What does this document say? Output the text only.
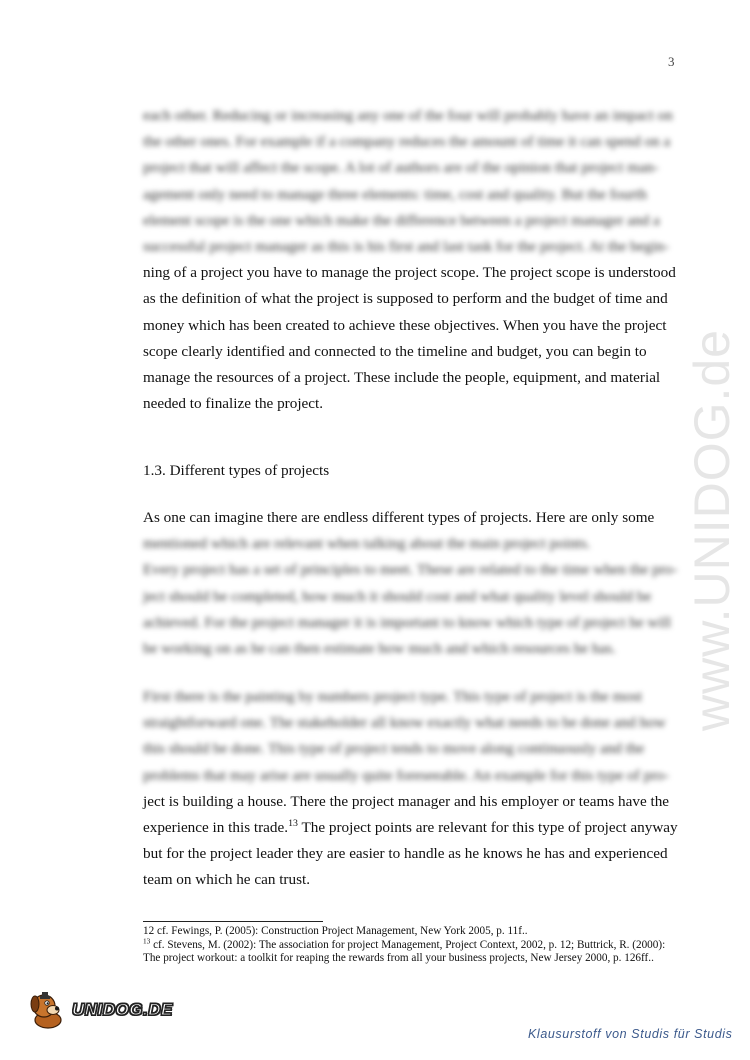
3
www.UNIDOG.de
each other. Reducing or increasing any one of the four will probably have an impact on
the other ones. For example if a company reduces the amount of time it can spend on a
project that will affect the scope. A lot of authors are of the opinion that project man-
agement only need to manage three elements: time, cost and quality. But the fourth
element scope is the one which make the difference between a project manager and a
successful project manager as this is his first and last task for the project. At the begin-
ning of a project you have to manage the project scope. The project scope is understood
as the definition of what the project is supposed to perform and the budget of time and
money which has been created to achieve these objectives. When you have the project
scope clearly identified and connected to the timeline and budget, you can begin to
manage the resources of a project. These include the people, equipment, and material
needed to finalize the project.
1.3. Different types of projects
As one can imagine there are endless different types of projects. Here are only some
mentioned which are relevant when talking about the main project points.
Every project has a set of principles to meet. These are related to the time when the pro-
ject should be completed, how much it should cost and what quality level should be
achieved. For the project manager it is important to know which type of project he will
be working on as he can then estimate how much and which resources he has.
First there is the painting by numbers project type. This type of project is the most
straightforward one. The stakeholder all know exactly what needs to be done and how
this should be done. This type of project tends to move along continuously and the
problems that may arise are usually quite foreseeable. An example for this type of pro-
ject is building a house. There the project manager and his employer or teams have the
experience in this trade.$^{13}$ The project points are relevant for this type of project anyway
but for the project leader they are easier to handle as he knows he has and experienced
team on which he can trust.

12 cf. Fewings, P. (2005): Construction Project Management, New York 2005, p. 11f..

$^{13}$ cf. Stevens, M. (2002): The association for project Management, Project Context, 2002, p. 12; Buttrick, R. (2000): The project workout: a toolkit for reaping the rewards from all your business projects, New Jersey 2000, p. 126ff..

UNIDOG.DE
Klausurstoff von Studis für Studis
